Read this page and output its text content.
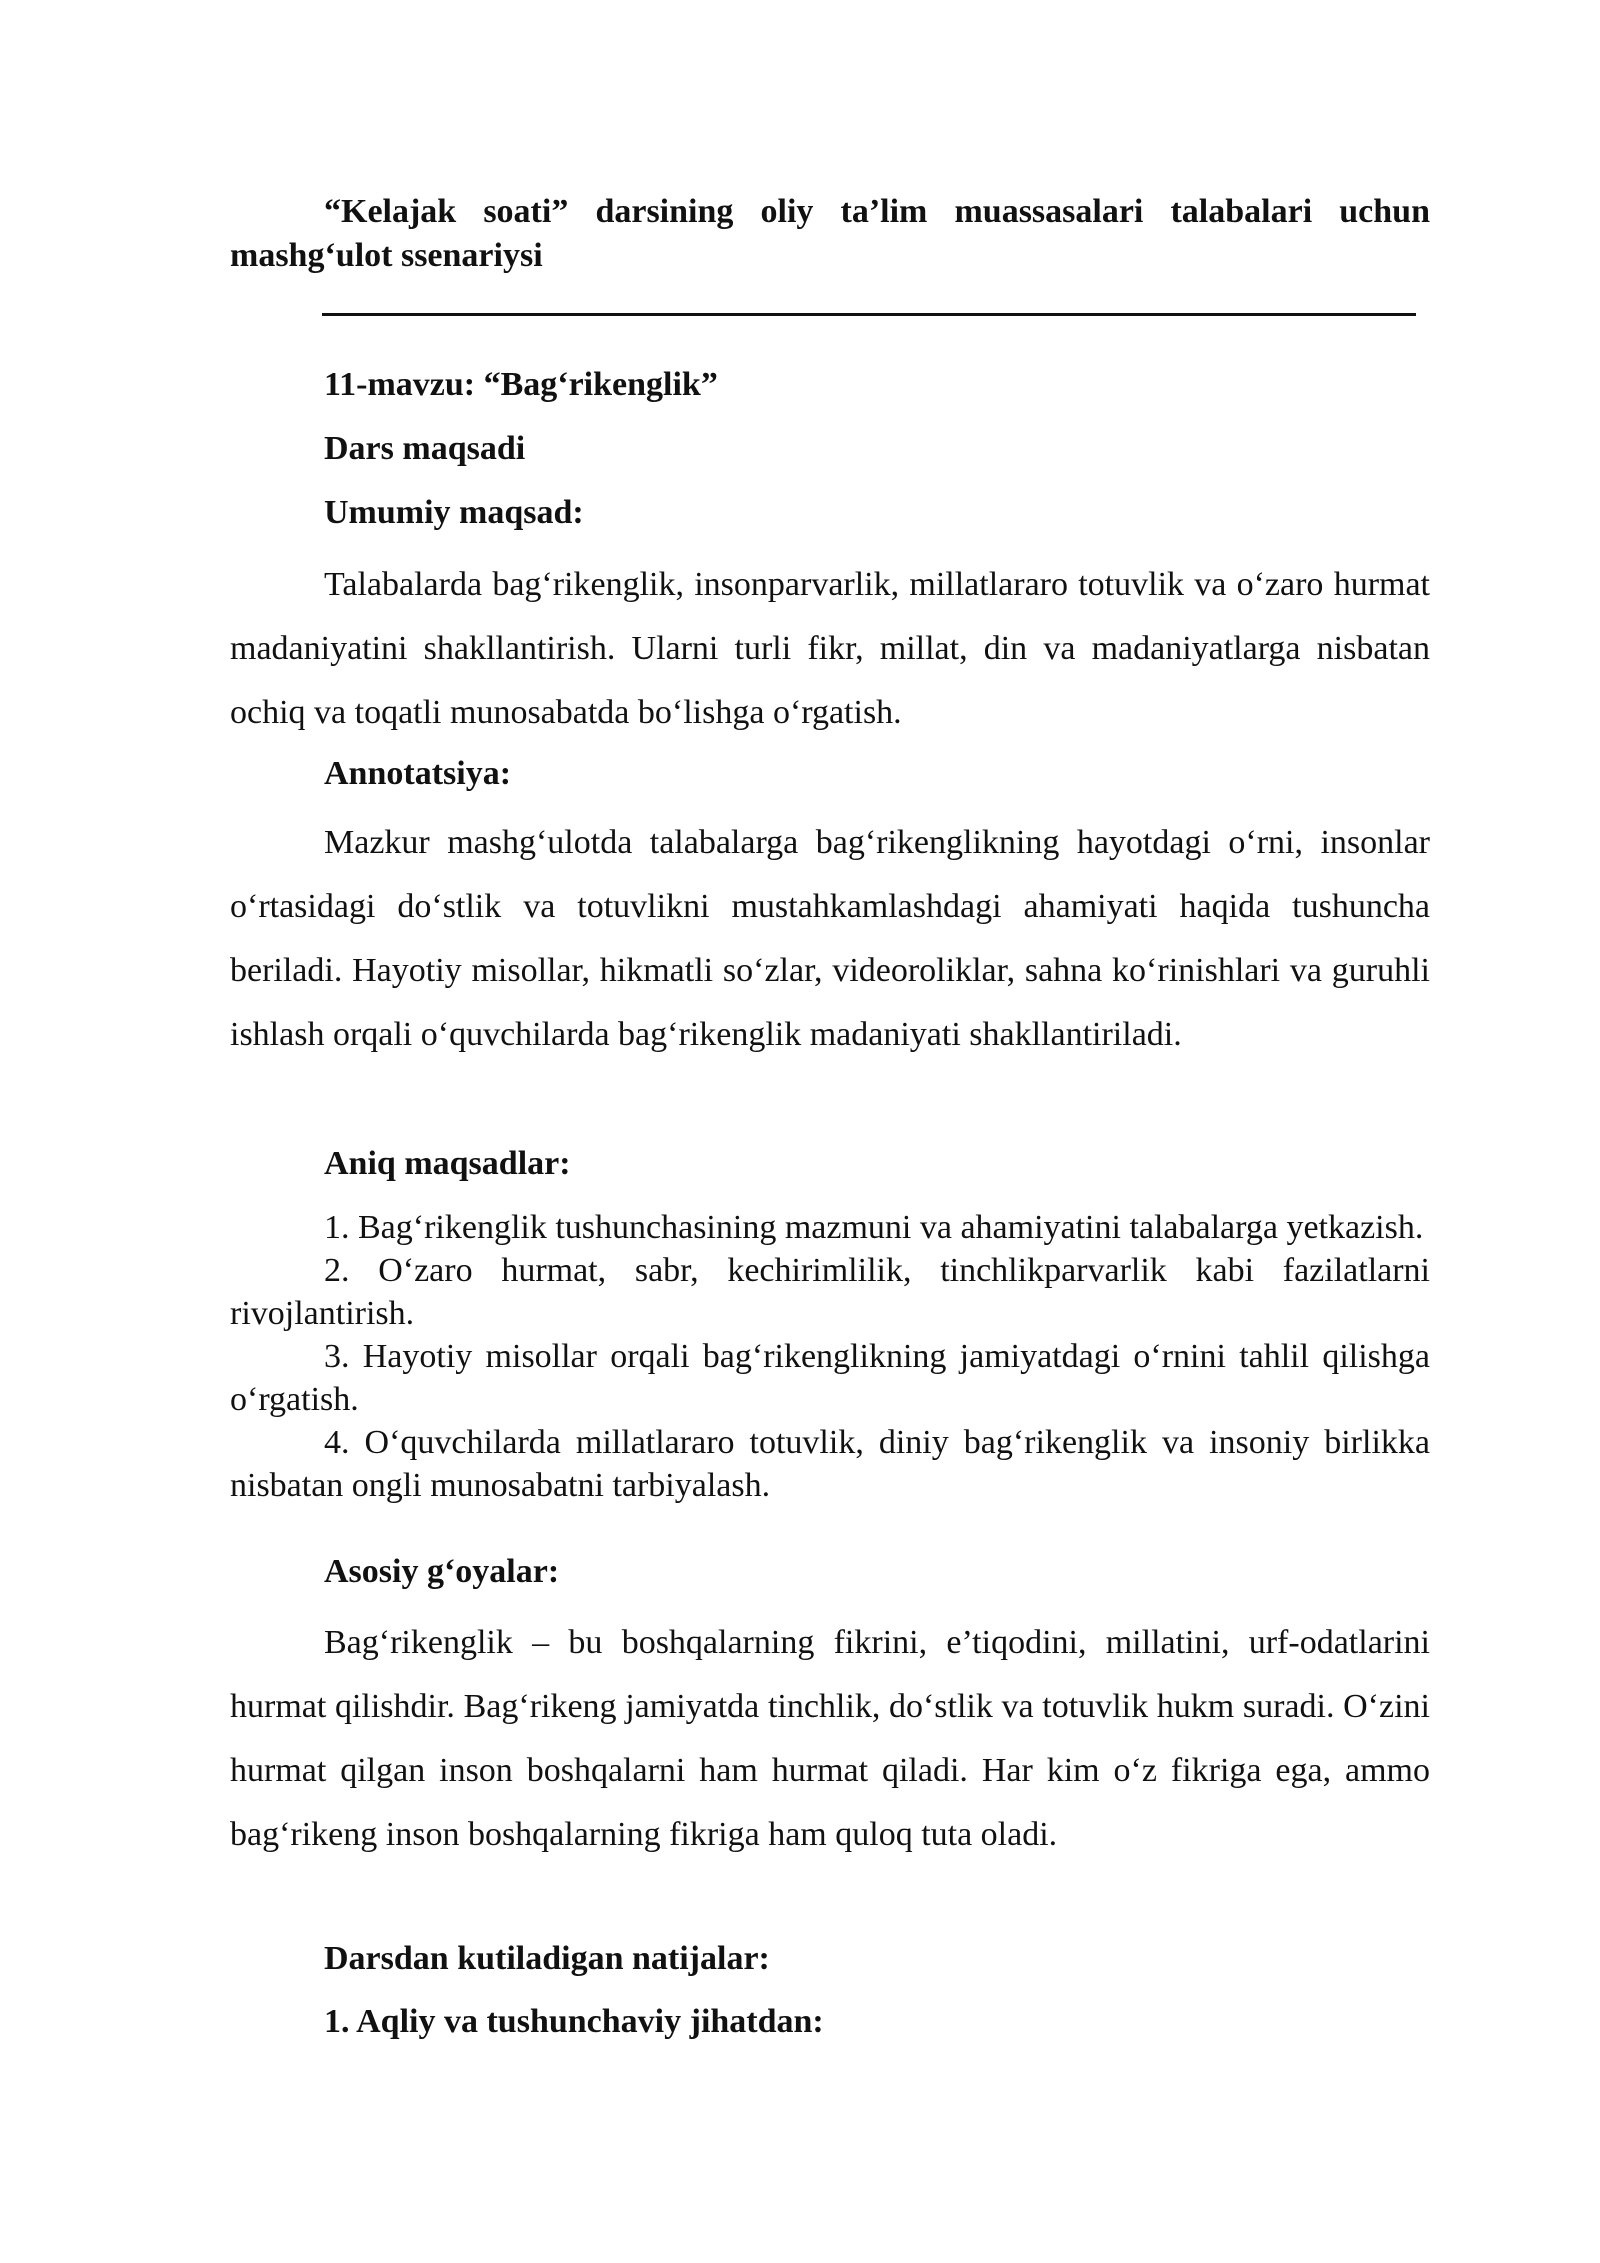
“Kelajak soati” darsining oliy ta’lim muassasalari talabalari uchun mashg‘ulot ssenariysi
11-mavzu: “Bag‘rikenglik”
Dars maqsadi
Umumiy maqsad:
Talabalarda bag‘rikenglik, insonparvarlik, millatlararo totuvlik va o‘zaro hurmat madaniyatini shakllantirish. Ularni turli fikr, millat, din va madaniyatlarga nisbatan ochiq va toqatli munosabatda bo‘lishga o‘rgatish.
Annotatsiya:
Mazkur mashg‘ulotda talabalarga bag‘rikenglikning hayotdagi o‘rni, insonlar o‘rtasidagi do‘stlik va totuvlikni mustahkamlashdagi ahamiyati haqida tushuncha beriladi. Hayotiy misollar, hikmatli so‘zlar, videoroliklar, sahna ko‘rinishlari va guruhli ishlash orqali o‘quvchilarda bag‘rikenglik madaniyati shakllantiriladi.
Aniq maqsadlar:

1. Bag‘rikenglik tushunchasining mazmuni va ahamiyatini talabalarga yetkazish.

2. O‘zaro hurmat, sabr, kechirimlilik, tinchlikparvarlik kabi fazilatlarni rivojlantirish.

3. Hayotiy misollar orqali bag‘rikenglikning jamiyatdagi o‘rnini tahlil qilishga o‘rgatish.

4. O‘quvchilarda millatlararo totuvlik, diniy bag‘rikenglik va insoniy birlikka nisbatan ongli munosabatni tarbiyalash.

Asosiy g‘oyalar:
Bag‘rikenglik – bu boshqalarning fikrini, e’tiqodini, millatini, urf-odatlarini hurmat qilishdir. Bag‘rikeng jamiyatda tinchlik, do‘stlik va totuvlik hukm suradi. O‘zini hurmat qilgan inson boshqalarni ham hurmat qiladi. Har kim o‘z fikriga ega, ammo bag‘rikeng inson boshqalarning fikriga ham quloq tuta oladi.
Darsdan kutiladigan natijalar:
1. Aqliy va tushunchaviy jihatdan:
